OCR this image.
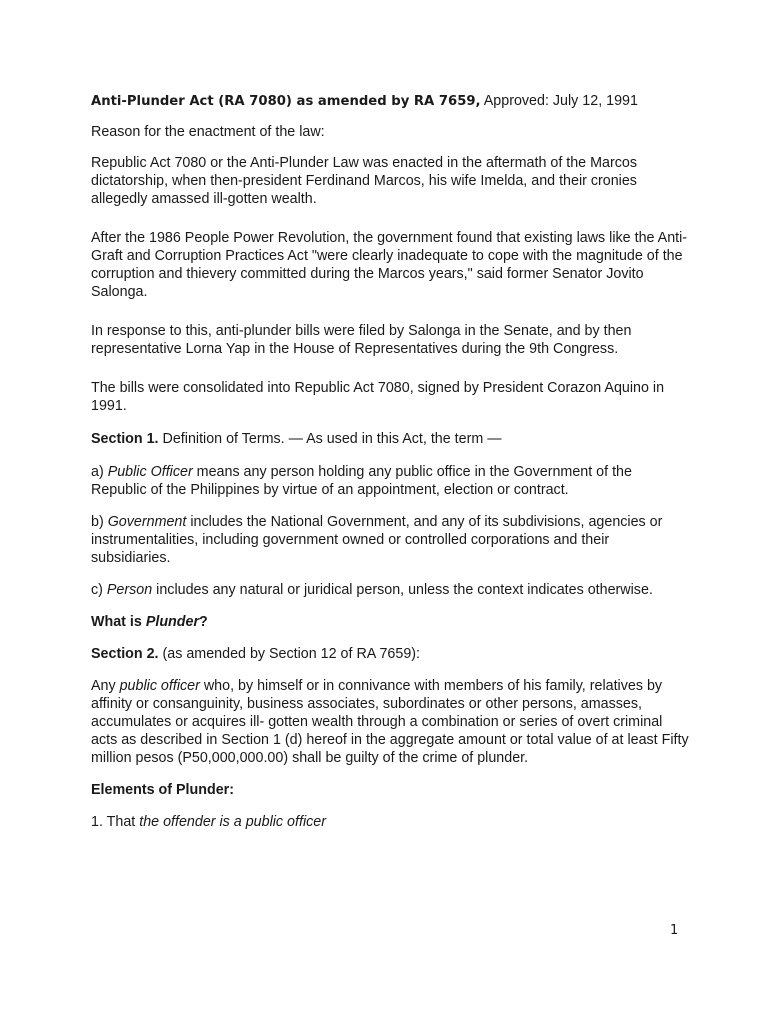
Anti-Plunder Act (RA 7080) as amended by RA 7659, Approved: July 12, 1991

Reason for the enactment of the law:

Republic Act 7080 or the Anti-Plunder Law was enacted in the aftermath of the Marcos dictatorship, when then-president Ferdinand Marcos, his wife Imelda, and their cronies allegedly amassed ill-gotten wealth.

After the 1986 People Power Revolution, the government found that existing laws like the Anti-Graft and Corruption Practices Act "were clearly inadequate to cope with the magnitude of the corruption and thievery committed during the Marcos years," said former Senator Jovito Salonga.

In response to this, anti-plunder bills were filed by Salonga in the Senate, and by then representative Lorna Yap in the House of Representatives during the 9th Congress.

The bills were consolidated into Republic Act 7080, signed by President Corazon Aquino in 1991.

Section 1. Definition of Terms. — As used in this Act, the term —

a) Public Officer means any person holding any public office in the Government of the Republic of the Philippines by virtue of an appointment, election or contract.

b) Government includes the National Government, and any of its subdivisions, agencies or instrumentalities, including government owned or controlled corporations and their subsidiaries.

c) Person includes any natural or juridical person, unless the context indicates otherwise.

What is Plunder?

Section 2. (as amended by Section 12 of RA 7659):

Any public officer who, by himself or in connivance with members of his family, relatives by affinity or consanguinity, business associates, subordinates or other persons, amasses, accumulates or acquires ill- gotten wealth through a combination or series of overt criminal acts as described in Section 1 (d) hereof in the aggregate amount or total value of at least Fifty million pesos (P50,000,000.00) shall be guilty of the crime of plunder.

Elements of Plunder:

1. That the offender is a public officer

1
